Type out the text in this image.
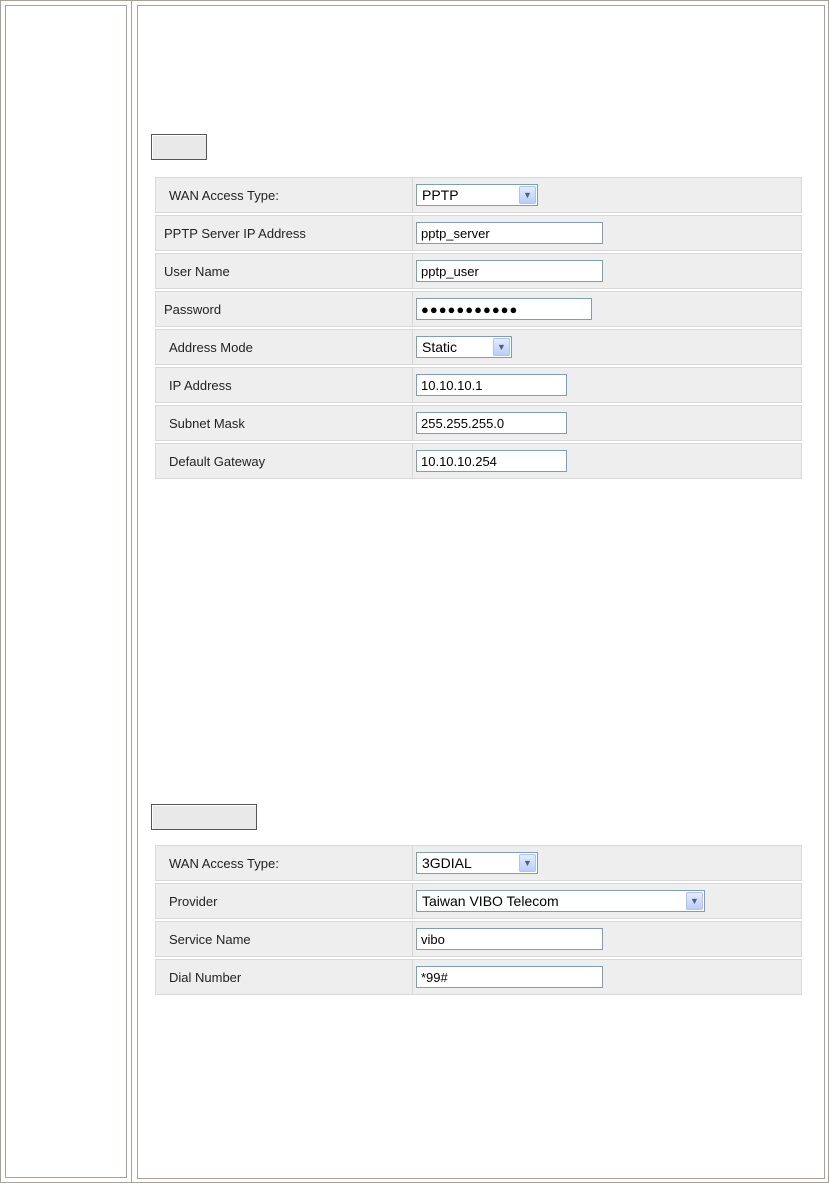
WAN Access Type:	PPTP	▼
PPTP Server IP Address	pptp_server
User Name	pptp_user
Password	●●●●●●●●●●●
Address Mode	Static	▼
IP Address	10.10.10.1
Subnet Mask	255.255.255.0
Default Gateway	10.10.10.254
WAN Access Type:	3GDIAL	▼
Provider	Taiwan VIBO Telecom	▼
Service Name	vibo
Dial Number	*99#
